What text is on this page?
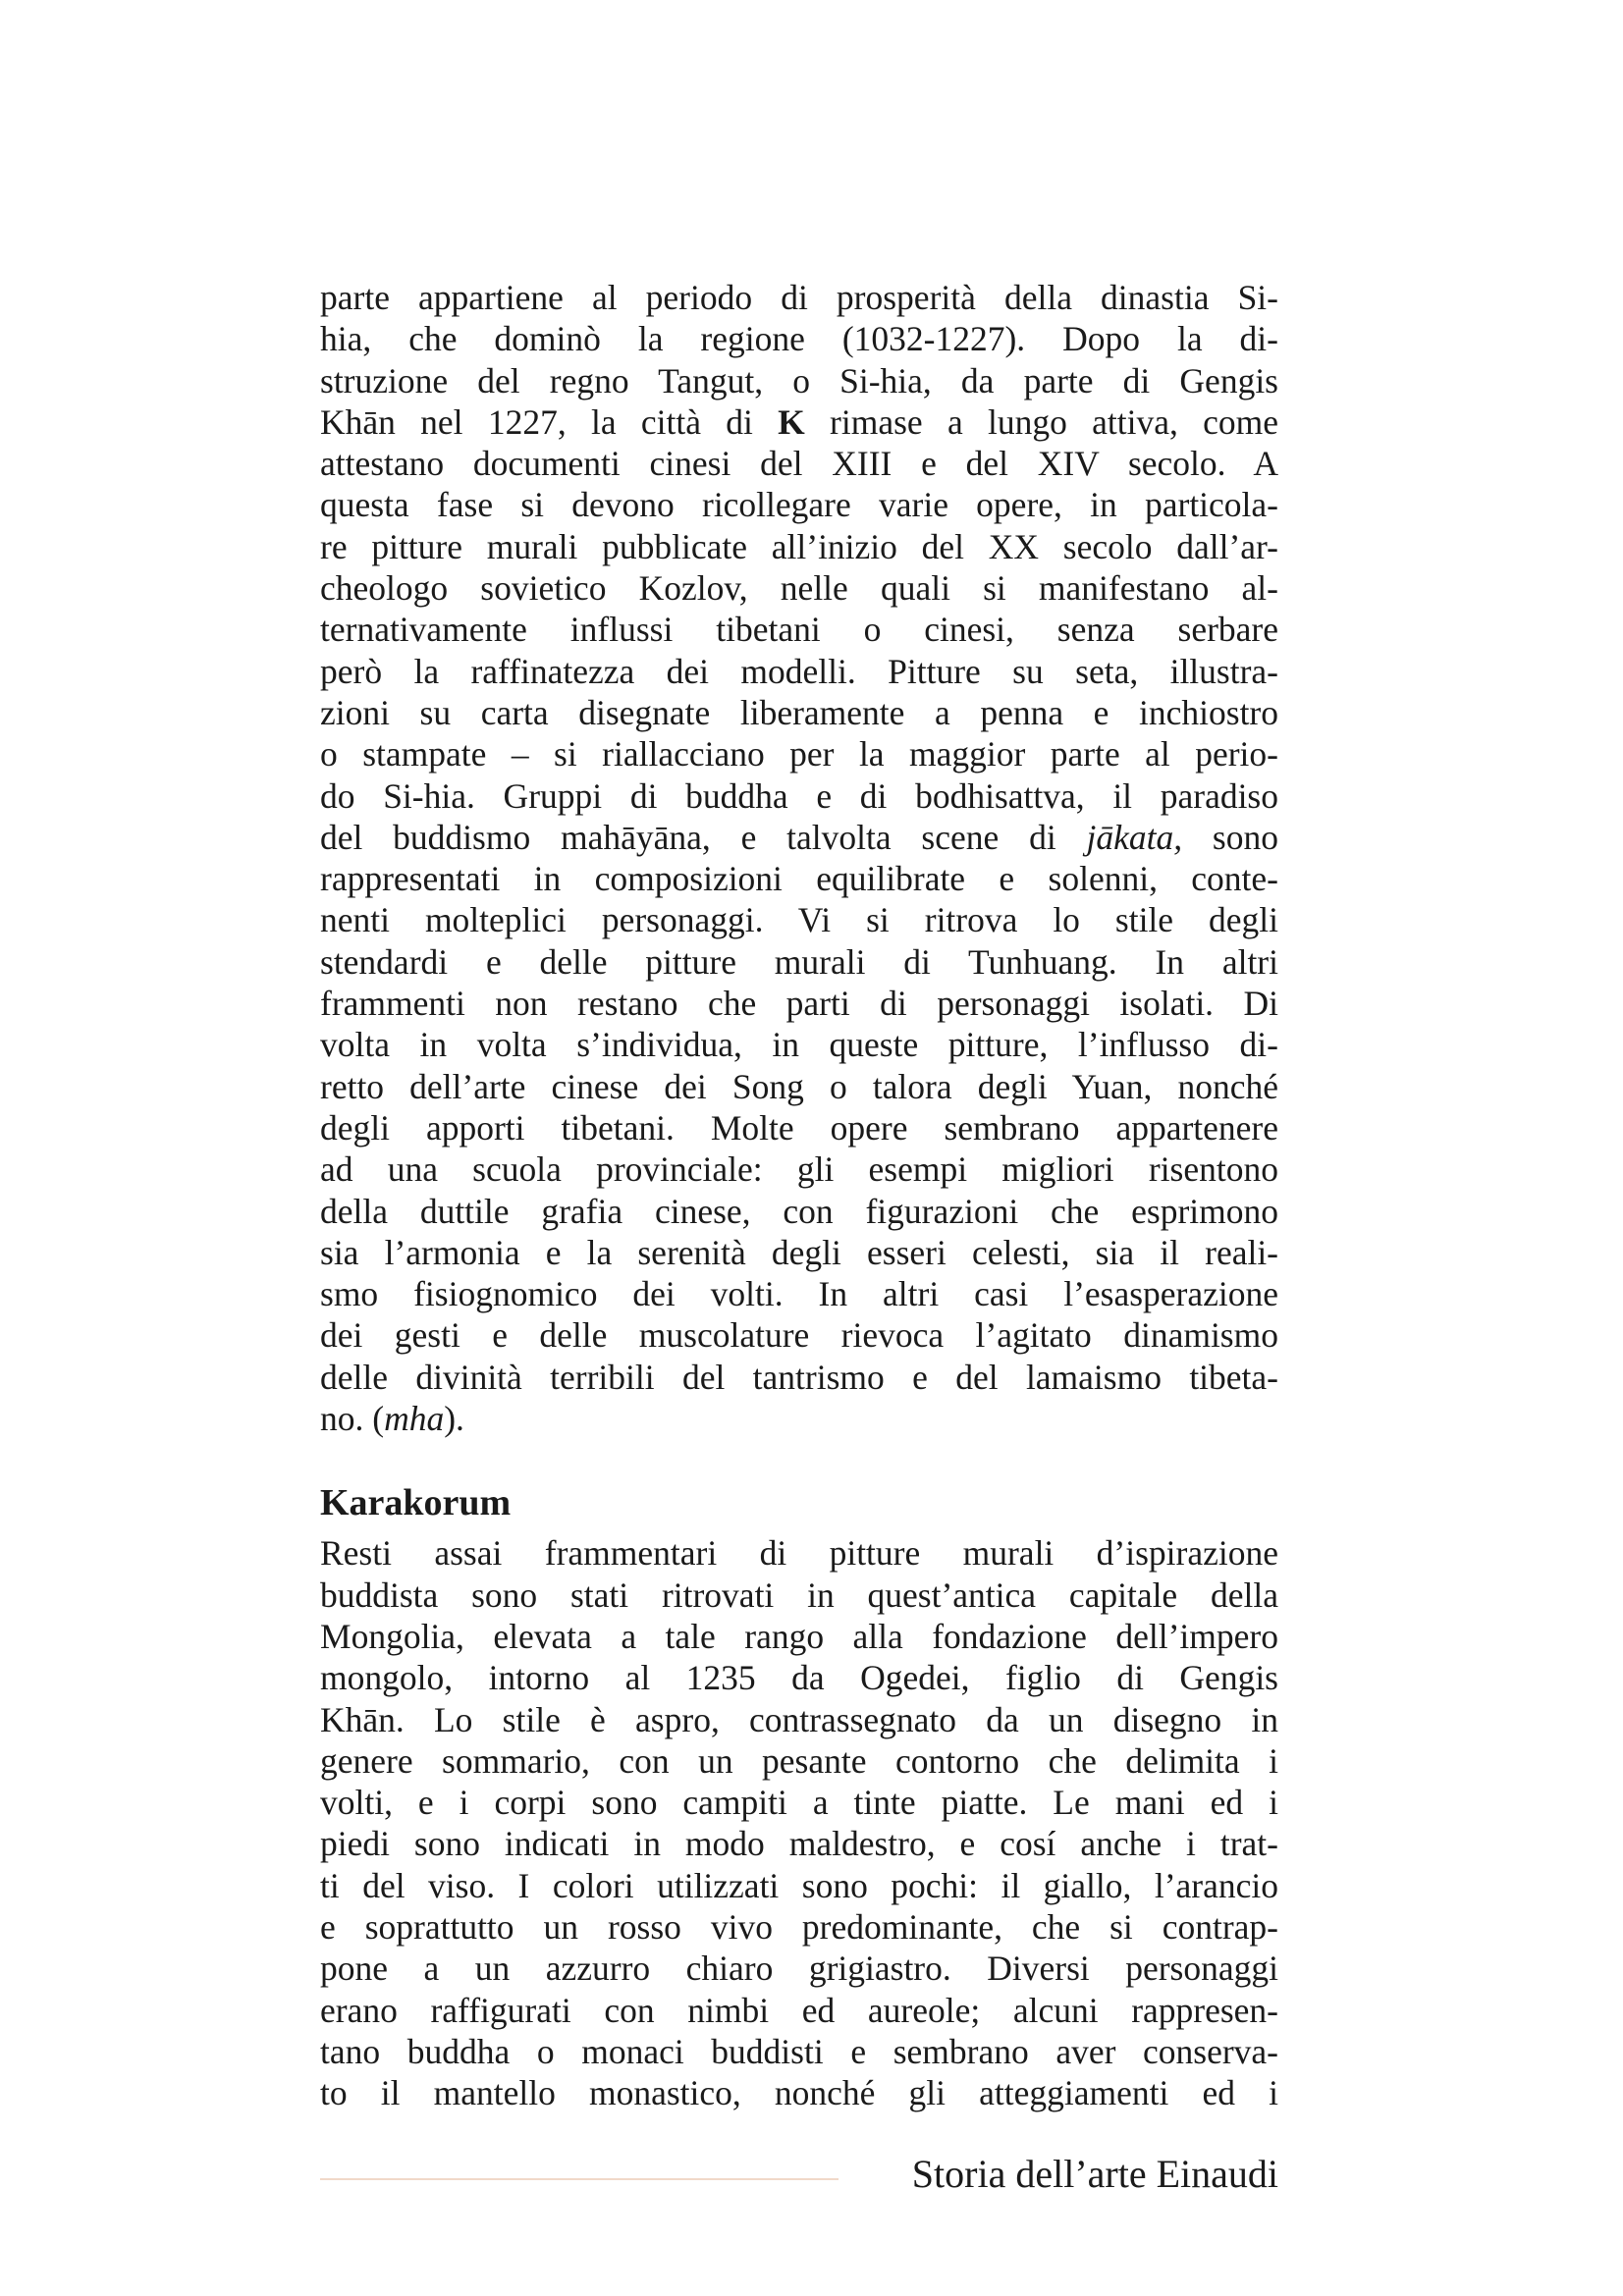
parte appartiene al periodo di prosperità della dinastia Si-
hia, che dominò la regione (1032-1227). Dopo la di-
struzione del regno Tangut, o Si-hia, da parte di Gengis
Khān nel 1227, la città di K rimase a lungo attiva, come
attestano documenti cinesi del XIII e del XIV secolo. A
questa fase si devono ricollegare varie opere, in particola-
re pitture murali pubblicate all’inizio del XX secolo dall’ar-
cheologo sovietico Kozlov, nelle quali si manifestano al-
ternativamente influssi tibetani o cinesi, senza serbare
però la raffinatezza dei modelli. Pitture su seta, illustra-
zioni su carta disegnate liberamente a penna e inchiostro
o stampate – si riallacciano per la maggior parte al perio-
do Si-hia. Gruppi di buddha e di bodhisattva, il paradiso
del buddismo mahāyāna, e talvolta scene di jākata, sono
rappresentati in composizioni equilibrate e solenni, conte-
nenti molteplici personaggi. Vi si ritrova lo stile degli
stendardi e delle pitture murali di Tunhuang. In altri
frammenti non restano che parti di personaggi isolati. Di
volta in volta s’individua, in queste pitture, l’influsso di-
retto dell’arte cinese dei Song o talora degli Yuan, nonché
degli apporti tibetani. Molte opere sembrano appartenere
ad una scuola provinciale: gli esempi migliori risentono
della duttile grafia cinese, con figurazioni che esprimono
sia l’armonia e la serenità degli esseri celesti, sia il reali-
smo fisiognomico dei volti. In altri casi l’esasperazione
dei gesti e delle muscolature rievoca l’agitato dinamismo
delle divinità terribili del tantrismo e del lamaismo tibeta-
no. (mha).
Karakorum
Resti assai frammentari di pitture murali d’ispirazione
buddista sono stati ritrovati in quest’antica capitale della
Mongolia, elevata a tale rango alla fondazione dell’impero
mongolo, intorno al 1235 da Ogedei, figlio di Gengis
Khān. Lo stile è aspro, contrassegnato da un disegno in
genere sommario, con un pesante contorno che delimita i
volti, e i corpi sono campiti a tinte piatte. Le mani ed i
piedi sono indicati in modo maldestro, e cosí anche i trat-
ti del viso. I colori utilizzati sono pochi: il giallo, l’arancio
e soprattutto un rosso vivo predominante, che si contrap-
pone a un azzurro chiaro grigiastro. Diversi personaggi
erano raffigurati con nimbi ed aureole; alcuni rappresen-
tano buddha o monaci buddisti e sembrano aver conserva-
to il mantello monastico, nonché gli atteggiamenti ed i
Storia dell’arte Einaudi
